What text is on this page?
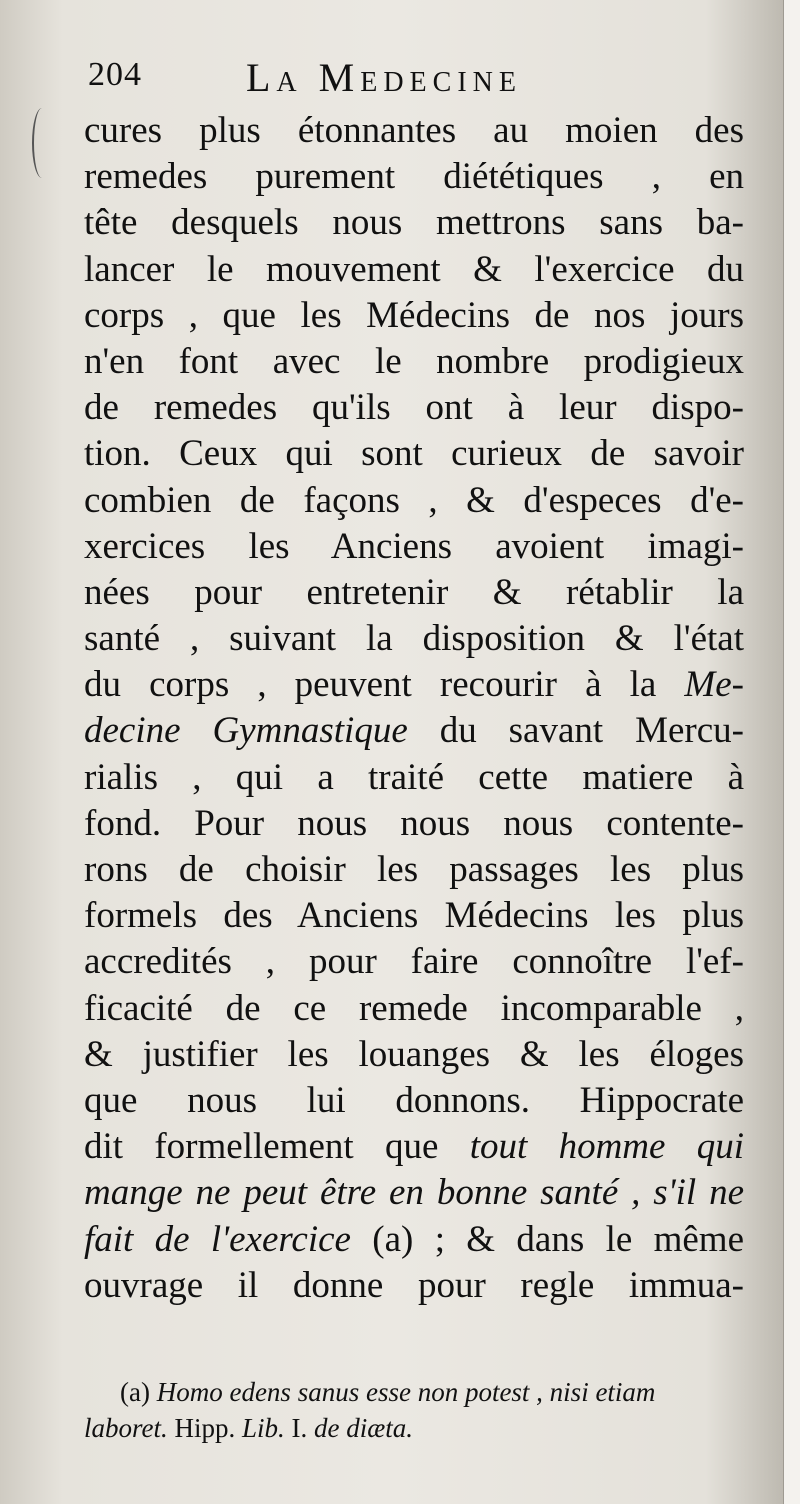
204	La Medecine
cures plus étonnantes au moien des
remedes purement diététiques , en
tête desquels nous mettrons sans ba-
lancer le mouvement & l'exercice du
corps , que les Médecins de nos jours
n'en font avec le nombre prodigieux
de remedes qu'ils ont à leur dispo-
tion. Ceux qui sont curieux de savoir
combien de façons , & d'especes d'e-
xercices les Anciens avoient imagi-
nées pour entretenir & rétablir la
santé , suivant la disposition & l'état
du corps , peuvent recourir à la Me-
decine Gymnastique du savant Mercu-
rialis , qui a traité cette matiere à
fond. Pour nous nous nous contente-
rons de choisir les passages les plus
formels des Anciens Médecins les plus
accredités , pour faire connoître l'ef-
ficacité de ce remede incomparable ,
& justifier les louanges & les éloges
que nous lui donnons. Hippocrate
dit formellement que tout homme qui
mange ne peut être en bonne santé , s'il ne
fait de l'exercice (a) ; & dans le même
ouvrage il donne pour regle immua-
(a) Homo edens sanus esse non potest , nisi etiam
laboret. Hipp. Lib. I. de diæta.
